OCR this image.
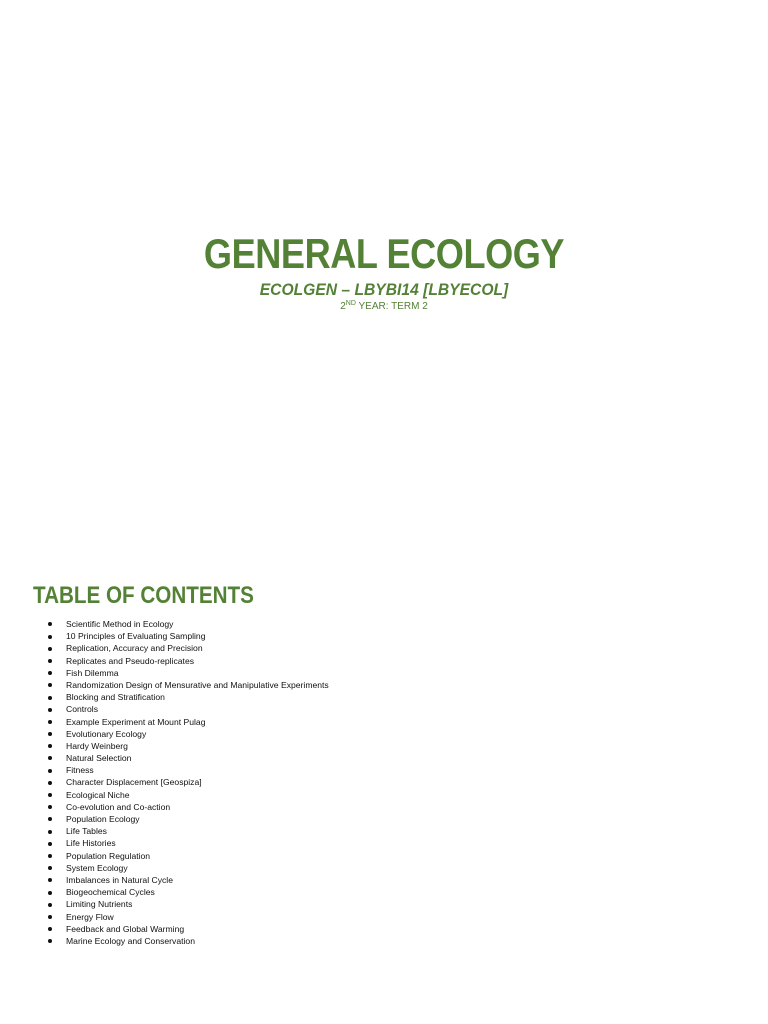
GENERAL ECOLOGY
ECOLGEN – LBYBI14 [LBYECOL]
2ND YEAR: TERM 2
TABLE OF CONTENTS
Scientific Method in Ecology
10 Principles of Evaluating Sampling
Replication, Accuracy and Precision
Replicates and Pseudo-replicates
Fish Dilemma
Randomization Design of Mensurative and Manipulative Experiments
Blocking and Stratification
Controls
Example Experiment at Mount Pulag
Evolutionary Ecology
Hardy Weinberg
Natural Selection
Fitness
Character Displacement [Geospiza]
Ecological Niche
Co-evolution and Co-action
Population Ecology
Life Tables
Life Histories
Population Regulation
System Ecology
Imbalances in Natural Cycle
Biogeochemical Cycles
Limiting Nutrients
Energy Flow
Feedback and Global Warming
Marine Ecology and Conservation
